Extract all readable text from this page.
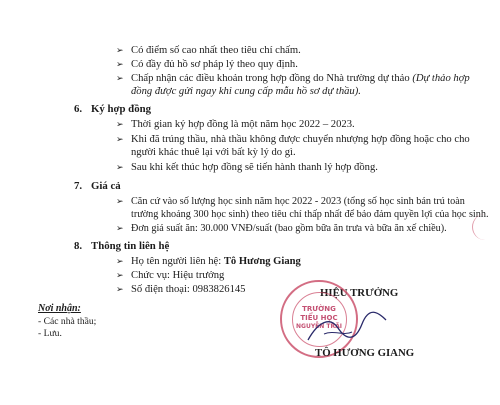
➢ Có điểm số cao nhất theo tiêu chí chấm.
➢ Có đầy đủ hồ sơ pháp lý theo quy định.
➢ Chấp nhận các điều khoản trong hợp đồng do Nhà trường dự thảo (Dự thảo hợp
đồng được gửi ngay khi cung cấp mẫu hồ sơ dự thầu).
6. Ký hợp đồng
➢ Thời gian ký hợp đồng là một năm học 2022 – 2023.
➢ Khi đã trúng thầu, nhà thầu không được chuyển nhượng hợp đồng hoặc cho cho
người khác thuê lại với bất kỳ lý do gì.
➢ Sau khi kết thúc hợp đồng sẽ tiến hành thanh lý hợp đồng.
7. Giá cả
➢ Căn cứ vào số lượng học sinh năm học 2022 - 2023 (tổng số học sinh bán trú toàn
trường khoảng 300 học sinh) theo tiêu chí thấp nhất để bảo đảm quyền lợi của học sinh.
➢ Đơn giá suất ăn: 30.000 VNĐ/suất (bao gồm bữa ăn trưa và bữa ăn xế chiều).
8. Thông tin liên hệ
➢ Họ tên người liên hệ: Tô Hương Giang
➢ Chức vụ: Hiệu trưởng
➢ Số điện thoại: 0983826145
Nơi nhận:
- Các nhà thầu;
- Lưu.
HIỆU TRƯỞNG
TRƯỜNG
TIỂU HỌC
NGUYỄN TRÃI
TÔ HƯƠNG GIANG
